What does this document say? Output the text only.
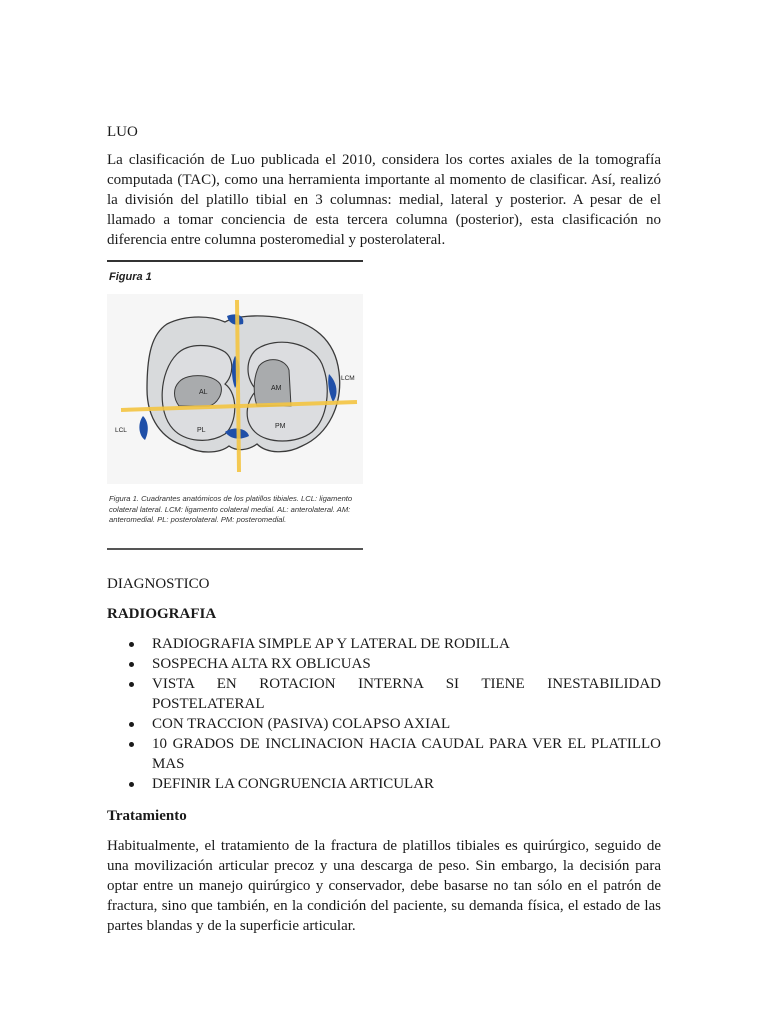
LUO
La clasificación de Luo publicada el 2010, considera los cortes axiales de la tomografía
computada (TAC), como una herramienta importante al momento de clasificar. Así, realizó
la división del platillo tibial en 3 columnas: medial, lateral y posterior. A pesar de el
llamado a tomar conciencia de esta tercera columna (posterior), esta clasificación no
diferencia entre columna posteromedial y posterolateral.
Figura 1
AL
AM
PL
PM
LCM
LCL

Figura 1. Cuadrantes anatómicos de los platillos tibiales. LCL: ligamento colateral lateral. LCM: ligamento colateral medial. AL: anterolateral. AM: anteromedial. PL: posterolateral. PM: posteromedial.

DIAGNOSTICO
RADIOGRAFIA
RADIOGRAFIA SIMPLE AP Y LATERAL DE RODILLA
SOSPECHA ALTA RX OBLICUAS
VISTA EN ROTACION INTERNA SI TIENE INESTABILIDAD
POSTELATERAL
CON TRACCION (PASIVA) COLAPSO AXIAL
10 GRADOS DE INCLINACION HACIA CAUDAL PARA VER EL PLATILLO
MAS
DEFINIR LA CONGRUENCIA ARTICULAR
Tratamiento
Habitualmente, el tratamiento de la fractura de platillos tibiales es quirúrgico, seguido de
una movilización articular precoz y una descarga de peso. Sin embargo, la decisión para
optar entre un manejo quirúrgico y conservador, debe basarse no tan sólo en el patrón de
fractura, sino que también, en la condición del paciente, su demanda física, el estado de las
partes blandas y de la superficie articular.
